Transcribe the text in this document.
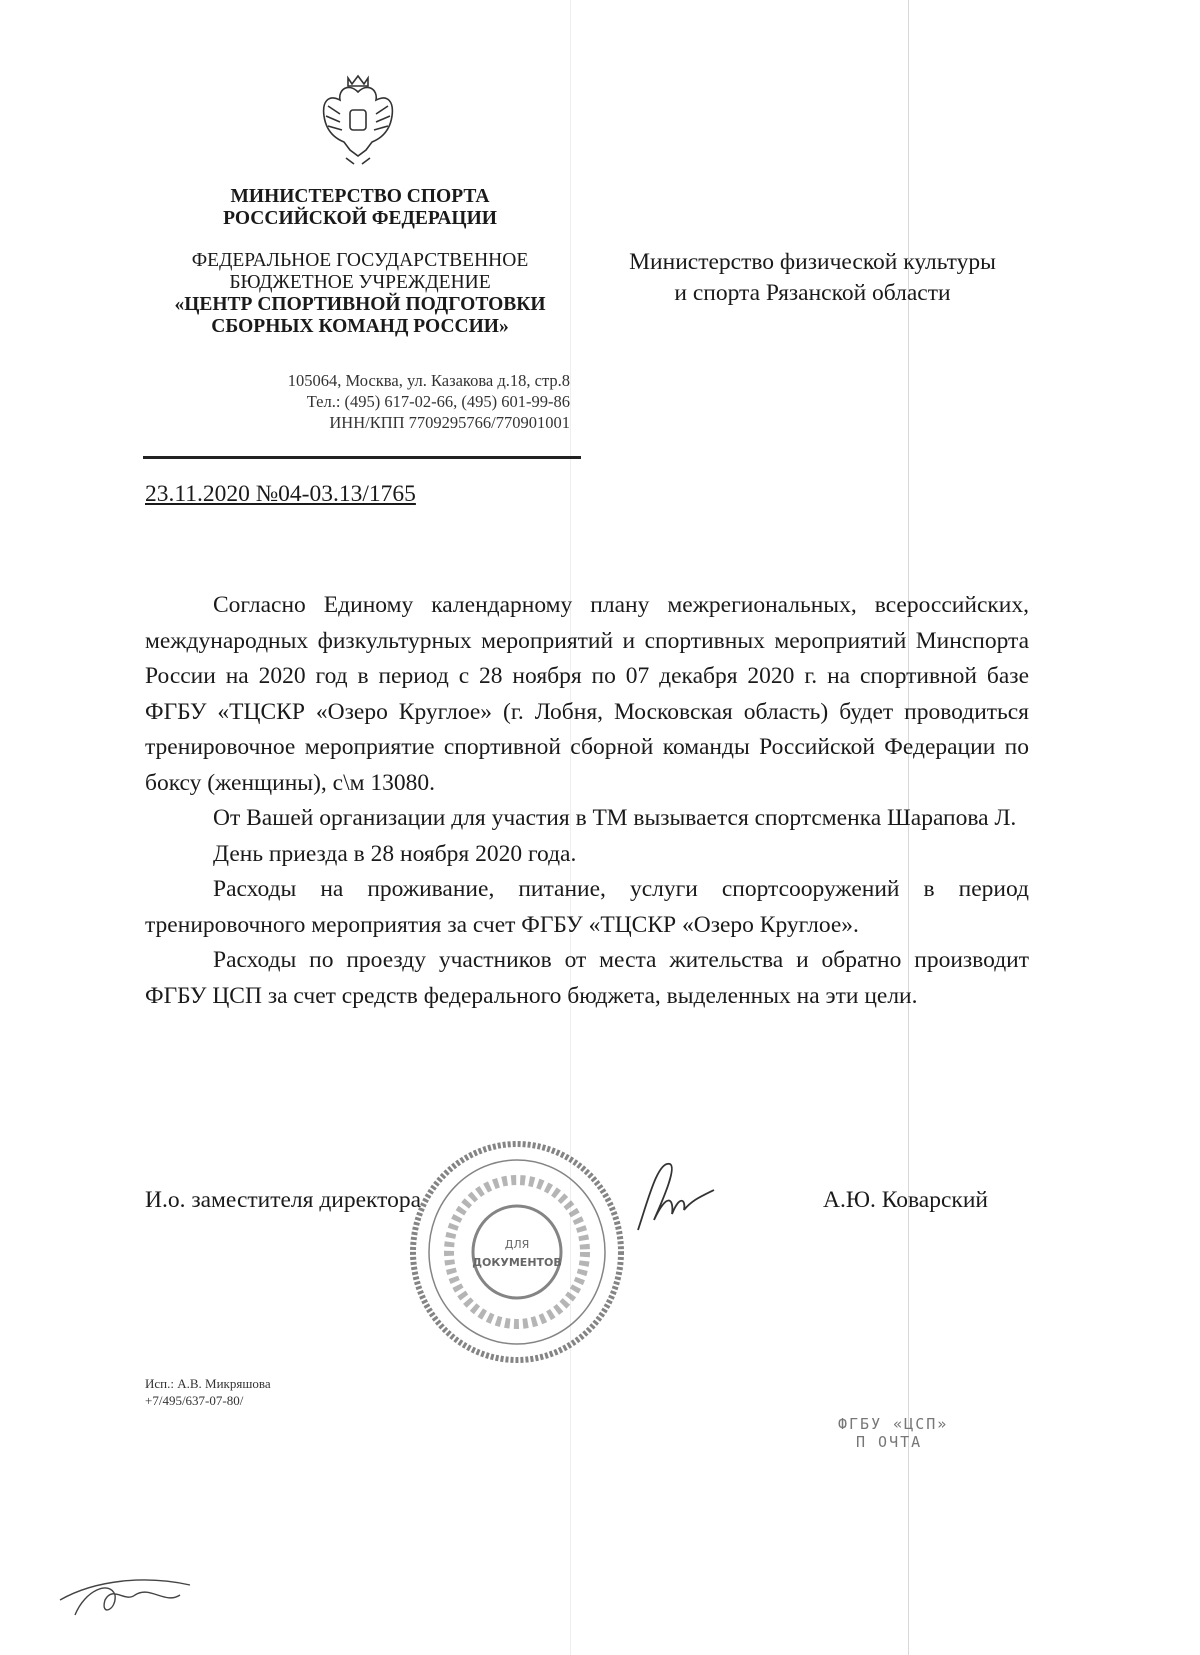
МИНИСТЕРСТВО СПОРТА
РОССИЙСКОЙ ФЕДЕРАЦИИ
ФЕДЕРАЛЬНОЕ ГОСУДАРСТВЕННОЕ
БЮДЖЕТНОЕ УЧРЕЖДЕНИЕ
«ЦЕНТР СПОРТИВНОЙ ПОДГОТОВКИ
СБОРНЫХ КОМАНД РОССИИ»
105064, Москва, ул. Казакова д.18, стр.8
Тел.: (495) 617-02-66, (495) 601-99-86
ИНН/КПП 7709295766/770901001
Министерство физической культуры
и спорта Рязанской области
23.11.2020 №04-03.13/1765

Согласно Единому календарному плану межрегиональных, всероссийских, международных физкультурных мероприятий и спортивных мероприятий Минспорта России на 2020 год в период с 28 ноября по 07 декабря 2020 г. на спортивной базе ФГБУ «ТЦСКР «Озеро Круглое» (г. Лобня, Московская область) будет проводиться тренировочное мероприятие спортивной сборной команды Российской Федерации по боксу (женщины), с\м 13080.

От Вашей организации для участия в ТМ вызывается спортсменка Шарапова Л.

День приезда в 28 ноября 2020 года.

Расходы на проживание, питание, услуги спортсооружений в период тренировочного мероприятия за счет ФГБУ «ТЦСКР «Озеро Круглое».

Расходы по проезду участников от места жительства и обратно производит ФГБУ ЦСП за счет средств федерального бюджета, выделенных на эти цели.

ДЛЯ
ДОКУМЕНТОВ
И.о. заместителя директора	А.Ю. Коварский
Исп.: А.В. Микряшова
+7/495/637-07-80/
ФГБУ «ЦСП»
П ОЧТА
